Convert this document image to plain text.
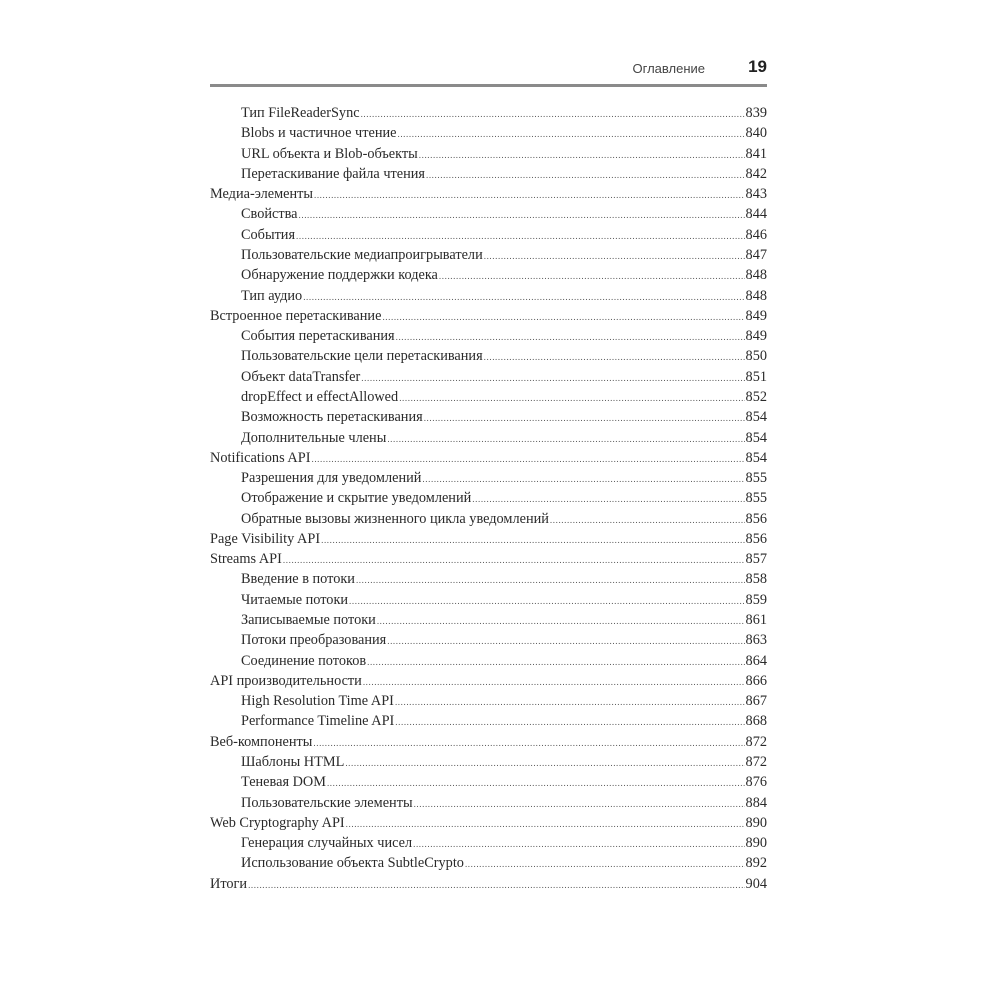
Оглавление	19
Тип FileReaderSync .....	839
Blobs и частичное чтение .....	840
URL объекта и Blob-объекты .....	841
Перетаскивание файла чтения .....	842
Медиа-элементы .....	843
Свойства .....	844
События .....	846
Пользовательские медиапроигрыватели .....	847
Обнаружение поддержки кодека .....	848
Тип аудио .....	848
Встроенное перетаскивание .....	849
События перетаскивания .....	849
Пользовательские цели перетаскивания .....	850
Объект dataTransfer .....	851
dropEffect и effectAllowed .....	852
Возможность перетаскивания .....	854
Дополнительные члены .....	854
Notifications API .....	854
Разрешения для уведомлений .....	855
Отображение и скрытие уведомлений .....	855
Обратные вызовы жизненного цикла уведомлений .....	856
Page Visibility API .....	856
Streams API .....	857
Введение в потоки .....	858
Читаемые потоки .....	859
Записываемые потоки .....	861
Потоки преобразования .....	863
Соединение потоков .....	864
API производительности .....	866
High Resolution Time API .....	867
Performance Timeline API .....	868
Веб-компоненты .....	872
Шаблоны HTML .....	872
Теневая DOM .....	876
Пользовательские элементы .....	884
Web Cryptography API .....	890
Генерация случайных чисел .....	890
Использование объекта SubtleCrypto .....	892
Итоги .....	904
